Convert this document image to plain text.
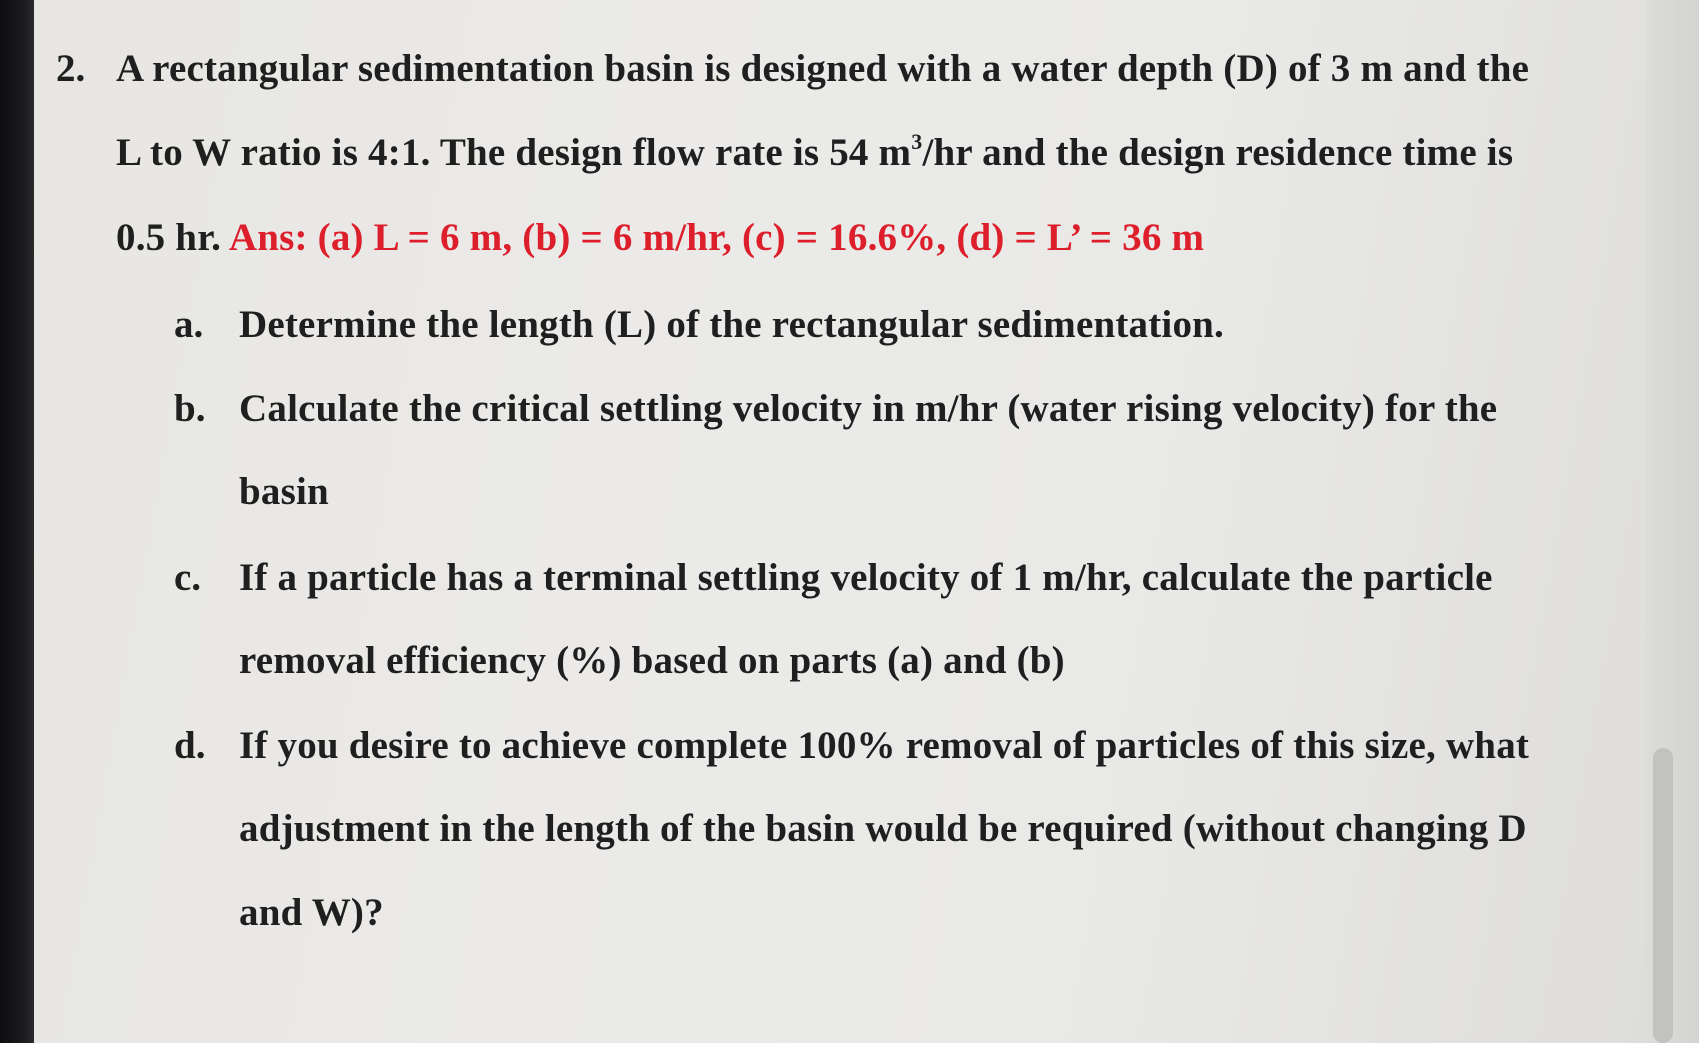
2. A rectangular sedimentation basin is designed with a water depth (D) of 3 m and the
L to W ratio is 4:1. The design flow rate is 54 $m^3/hr$ and the design residence time is
0.5 hr. Ans: (a) L = 6 m, (b) = 6 m/hr, (c) = 16.6%, (d) = L’ = 36 m
a. Determine the length (L) of the rectangular sedimentation.
b. Calculate the critical settling velocity in m/hr (water rising velocity) for the
basin
c. If a particle has a terminal settling velocity of 1 m/hr, calculate the particle
removal efficiency (%) based on parts (a) and (b)
d. If you desire to achieve complete 100% removal of particles of this size, what
adjustment in the length of the basin would be required (without changing D
and W)?
